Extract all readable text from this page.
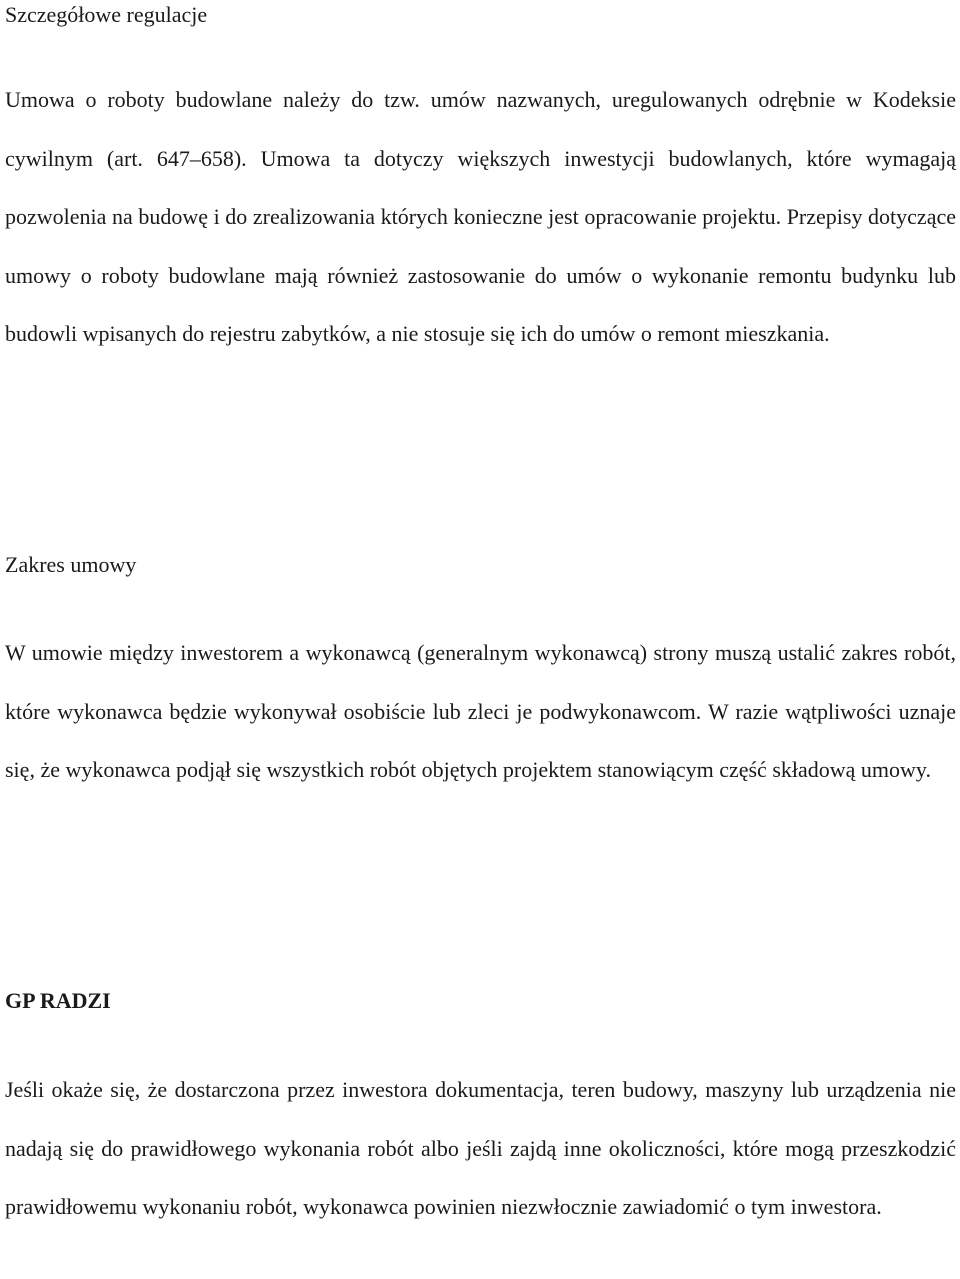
Szczegółowe regulacje

Umowa o roboty budowlane należy do tzw. umów nazwanych, uregulowanych odrębnie w Kodeksie cywilnym (art. 647–658). Umowa ta dotyczy większych inwestycji budowlanych, które wymagają pozwolenia na budowę i do zrealizowania których konieczne jest opracowanie projektu. Przepisy dotyczące umowy o roboty budowlane mają również zastosowanie do umów o wykonanie remontu budynku lub budowli wpisanych do rejestru zabytków, a nie stosuje się ich do umów o remont mieszkania.

Zakres umowy

W umowie między inwestorem a wykonawcą (generalnym wykonawcą) strony muszą ustalić zakres robót, które wykonawca będzie wykonywał osobiście lub zleci je podwykonawcom. W razie wątpliwości uznaje się, że wykonawca podjął się wszystkich robót objętych projektem stanowiącym część składową umowy.

GP RADZI

Jeśli okaże się, że dostarczona przez inwestora dokumentacja, teren budowy, maszyny lub urządzenia nie nadają się do prawidłowego wykonania robót albo jeśli zajdą inne okoliczności, które mogą przeszkodzić prawidłowemu wykonaniu robót, wykonawca powinien niezwłocznie zawiadomić o tym inwestora.
